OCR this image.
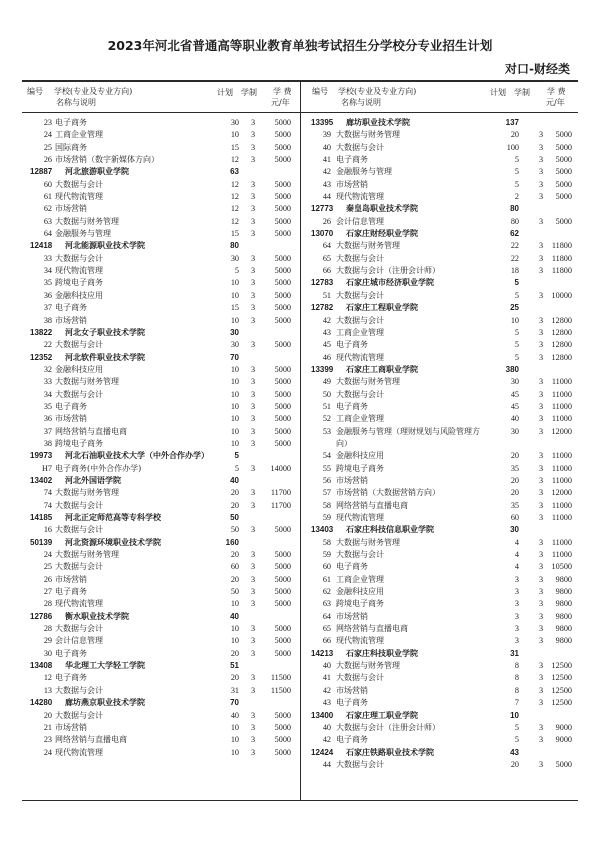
2023年河北省普通高等职业教育单独考试招生分学校分专业招生计划
对口-财经类
编号 学校(专业及专业方向)
名称与说明
计划 学制 学 费
元/年
编号 学校(专业及专业方向)
名称与说明
计划 学制 学 费
元/年
23 电子商务	30	3	5000
24 工商企业管理	10	3	5000
25 国际商务	15	3	5000
26 市场营销（数字新媒体方向）	12	3	5000
12887 河北旅游职业学院	63
60 大数据与会计	12	3	5000
61 现代物流管理	12	3	5000
62 市场营销	12	3	5000
63 大数据与财务管理	12	3	5000
64 金融服务与管理	15	3	5000
12418 河北能源职业技术学院	80
33 大数据与会计	30	3	5000
34 现代物流管理	5	3	5000
35 跨境电子商务	10	3	5000
36 金融科技应用	10	3	5000
37 电子商务	15	3	5000
38 市场营销	10	3	5000
13822 河北女子职业技术学院	30
22 大数据与会计	30	3	5000
12352 河北软件职业技术学院	70
32 金融科技应用	10	3	5000
33 大数据与财务管理	10	3	5000
34 大数据与会计	10	3	5000
35 电子商务	10	3	5000
36 市场营销	10	3	5000
37 网络营销与直播电商	10	3	5000
38 跨境电子商务	10	3	5000
19973 河北石油职业技术大学（中外合作办学）	5
H7 电子商务(中外合作办学)	5	3	14000
13402 河北外国语学院	40
74 大数据与财务管理	20	3	11700
74 大数据与会计	20	3	11700
14185 河北正定师范高等专科学校	50
16 大数据与会计	50	3	5000
50139 河北资源环境职业技术学院	160
24 大数据与财务管理	20	3	5000
25 大数据与会计	60	3	5000
26 市场营销	20	3	5000
27 电子商务	50	3	5000
28 现代物流管理	10	3	5000
12786 衡水职业技术学院	40
28 大数据与会计	10	3	5000
29 会计信息管理	10	3	5000
30 电子商务	20	3	5000
13408 华北理工大学轻工学院	51
12 电子商务	20	3	11500
13 大数据与会计	31	3	11500
14280 廊坊燕京职业技术学院	70
20 大数据与会计	40	3	5000
21 市场营销	10	3	5000
23 网络营销与直播电商	10	3	5000
24 现代物流管理	10	3	5000
13395 廊坊职业技术学院	137
39 大数据与财务管理	20	3	5000
40 大数据与会计	100	3	5000
41 电子商务	5	3	5000
42 金融服务与管理	5	3	5000
43 市场营销	5	3	5000
44 现代物流管理	2	3	5000
12773 秦皇岛职业技术学院	80
26 会计信息管理	80	3	5000
13070 石家庄财经职业学院	62
64 大数据与财务管理	22	3	11800
65 大数据与会计	22	3	11800
66 大数据与会计（注册会计师）	18	3	11800
12783 石家庄城市经济职业学院	5
51 大数据与会计	5	3	10000
12782 石家庄工程职业学院	25
42 大数据与会计	10	3	12800
43 工商企业管理	5	3	12800
45 电子商务	5	3	12800
46 现代物流管理	5	3	12800
13399 石家庄工商职业学院	380
49 大数据与财务管理	30	3	11000
50 大数据与会计	45	3	11000
51 电子商务	45	3	11000
52 工商企业管理	40	3	11000
53 金融服务与管理（理财规划与风险管理方向）
30	3	12000
54 金融科技应用	20	3	11000
55 跨境电子商务	35	3	11000
56 市场营销	20	3	11000
57 市场营销（大数据营销方向）	20	3	12000
58 网络营销与直播电商	35	3	11000
59 现代物流管理	60	3	11000
13403 石家庄科技信息职业学院	30
58 大数据与财务管理	4	3	11000
59 大数据与会计	4	3	11000
60 电子商务	4	3	10500
61 工商企业管理	3	3	9800
62 金融科技应用	3	3	9800
63 跨境电子商务	3	3	9800
64 市场营销	3	3	9800
65 网络营销与直播电商	3	3	9800
66 现代物流管理	3	3	9800
14213 石家庄科技职业学院	31
40 大数据与财务管理	8	3	12500
41 大数据与会计	8	3	12500
42 市场营销	8	3	12500
43 电子商务	7	3	12500
13400 石家庄理工职业学院	10
40 大数据与会计（注册会计师）	5	3	9000
42 电子商务	5	3	9000
12424 石家庄铁路职业技术学院	43
44 大数据与会计	20	3	5000
